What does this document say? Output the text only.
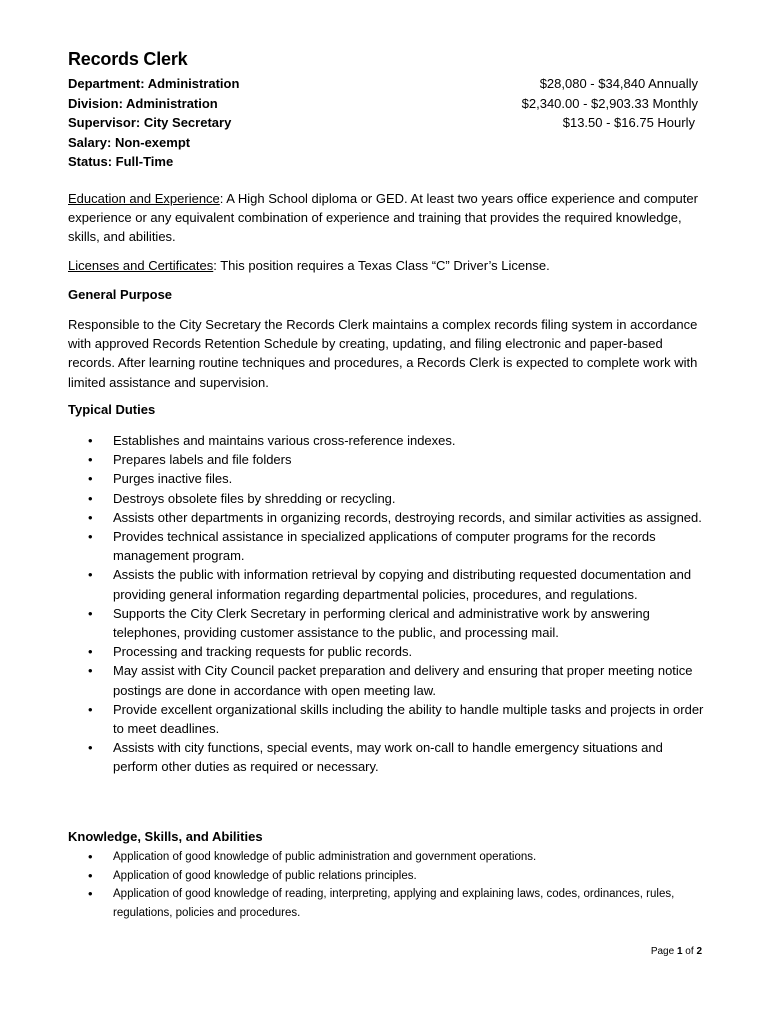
Records Clerk
Department: Administration
Division: Administration
Supervisor: City Secretary
Salary: Non-exempt
Status: Full-Time
$28,080 - $34,840 Annually
$2,340.00 - $2,903.33 Monthly
$13.50 - $16.75 Hourly
Education and Experience: A High School diploma or GED. At least two years office experience and computer experience or any equivalent combination of experience and training that provides the required knowledge, skills, and abilities.
Licenses and Certificates: This position requires a Texas Class “C” Driver’s License.
General Purpose
Responsible to the City Secretary the Records Clerk maintains a complex records filing system in accordance with approved Records Retention Schedule by creating, updating, and filing electronic and paper-based records. After learning routine techniques and procedures, a Records Clerk is expected to complete work with limited assistance and supervision.
Typical Duties
• Establishes and maintains various cross-reference indexes.
• Prepares labels and file folders
• Purges inactive files.
• Destroys obsolete files by shredding or recycling.
• Assists other departments in organizing records, destroying records, and similar activities as assigned.
• Provides technical assistance in specialized applications of computer programs for the records management program.
• Assists the public with information retrieval by copying and distributing requested documentation and providing general information regarding departmental policies, procedures, and regulations.
• Supports the City Clerk Secretary in performing clerical and administrative work by answering telephones, providing customer assistance to the public, and processing mail.
• Processing and tracking requests for public records.
• May assist with City Council packet preparation and delivery and ensuring that proper meeting notice postings are done in accordance with open meeting law.
• Provide excellent organizational skills including the ability to handle multiple tasks and projects in order to meet deadlines.
• Assists with city functions, special events, may work on-call to handle emergency situations and perform other duties as required or necessary.
Knowledge, Skills, and Abilities
• Application of good knowledge of public administration and government operations.
• Application of good knowledge of public relations principles.
• Application of good knowledge of reading, interpreting, applying and explaining laws, codes, ordinances, rules, regulations, policies and procedures.
Page 1 of 2
